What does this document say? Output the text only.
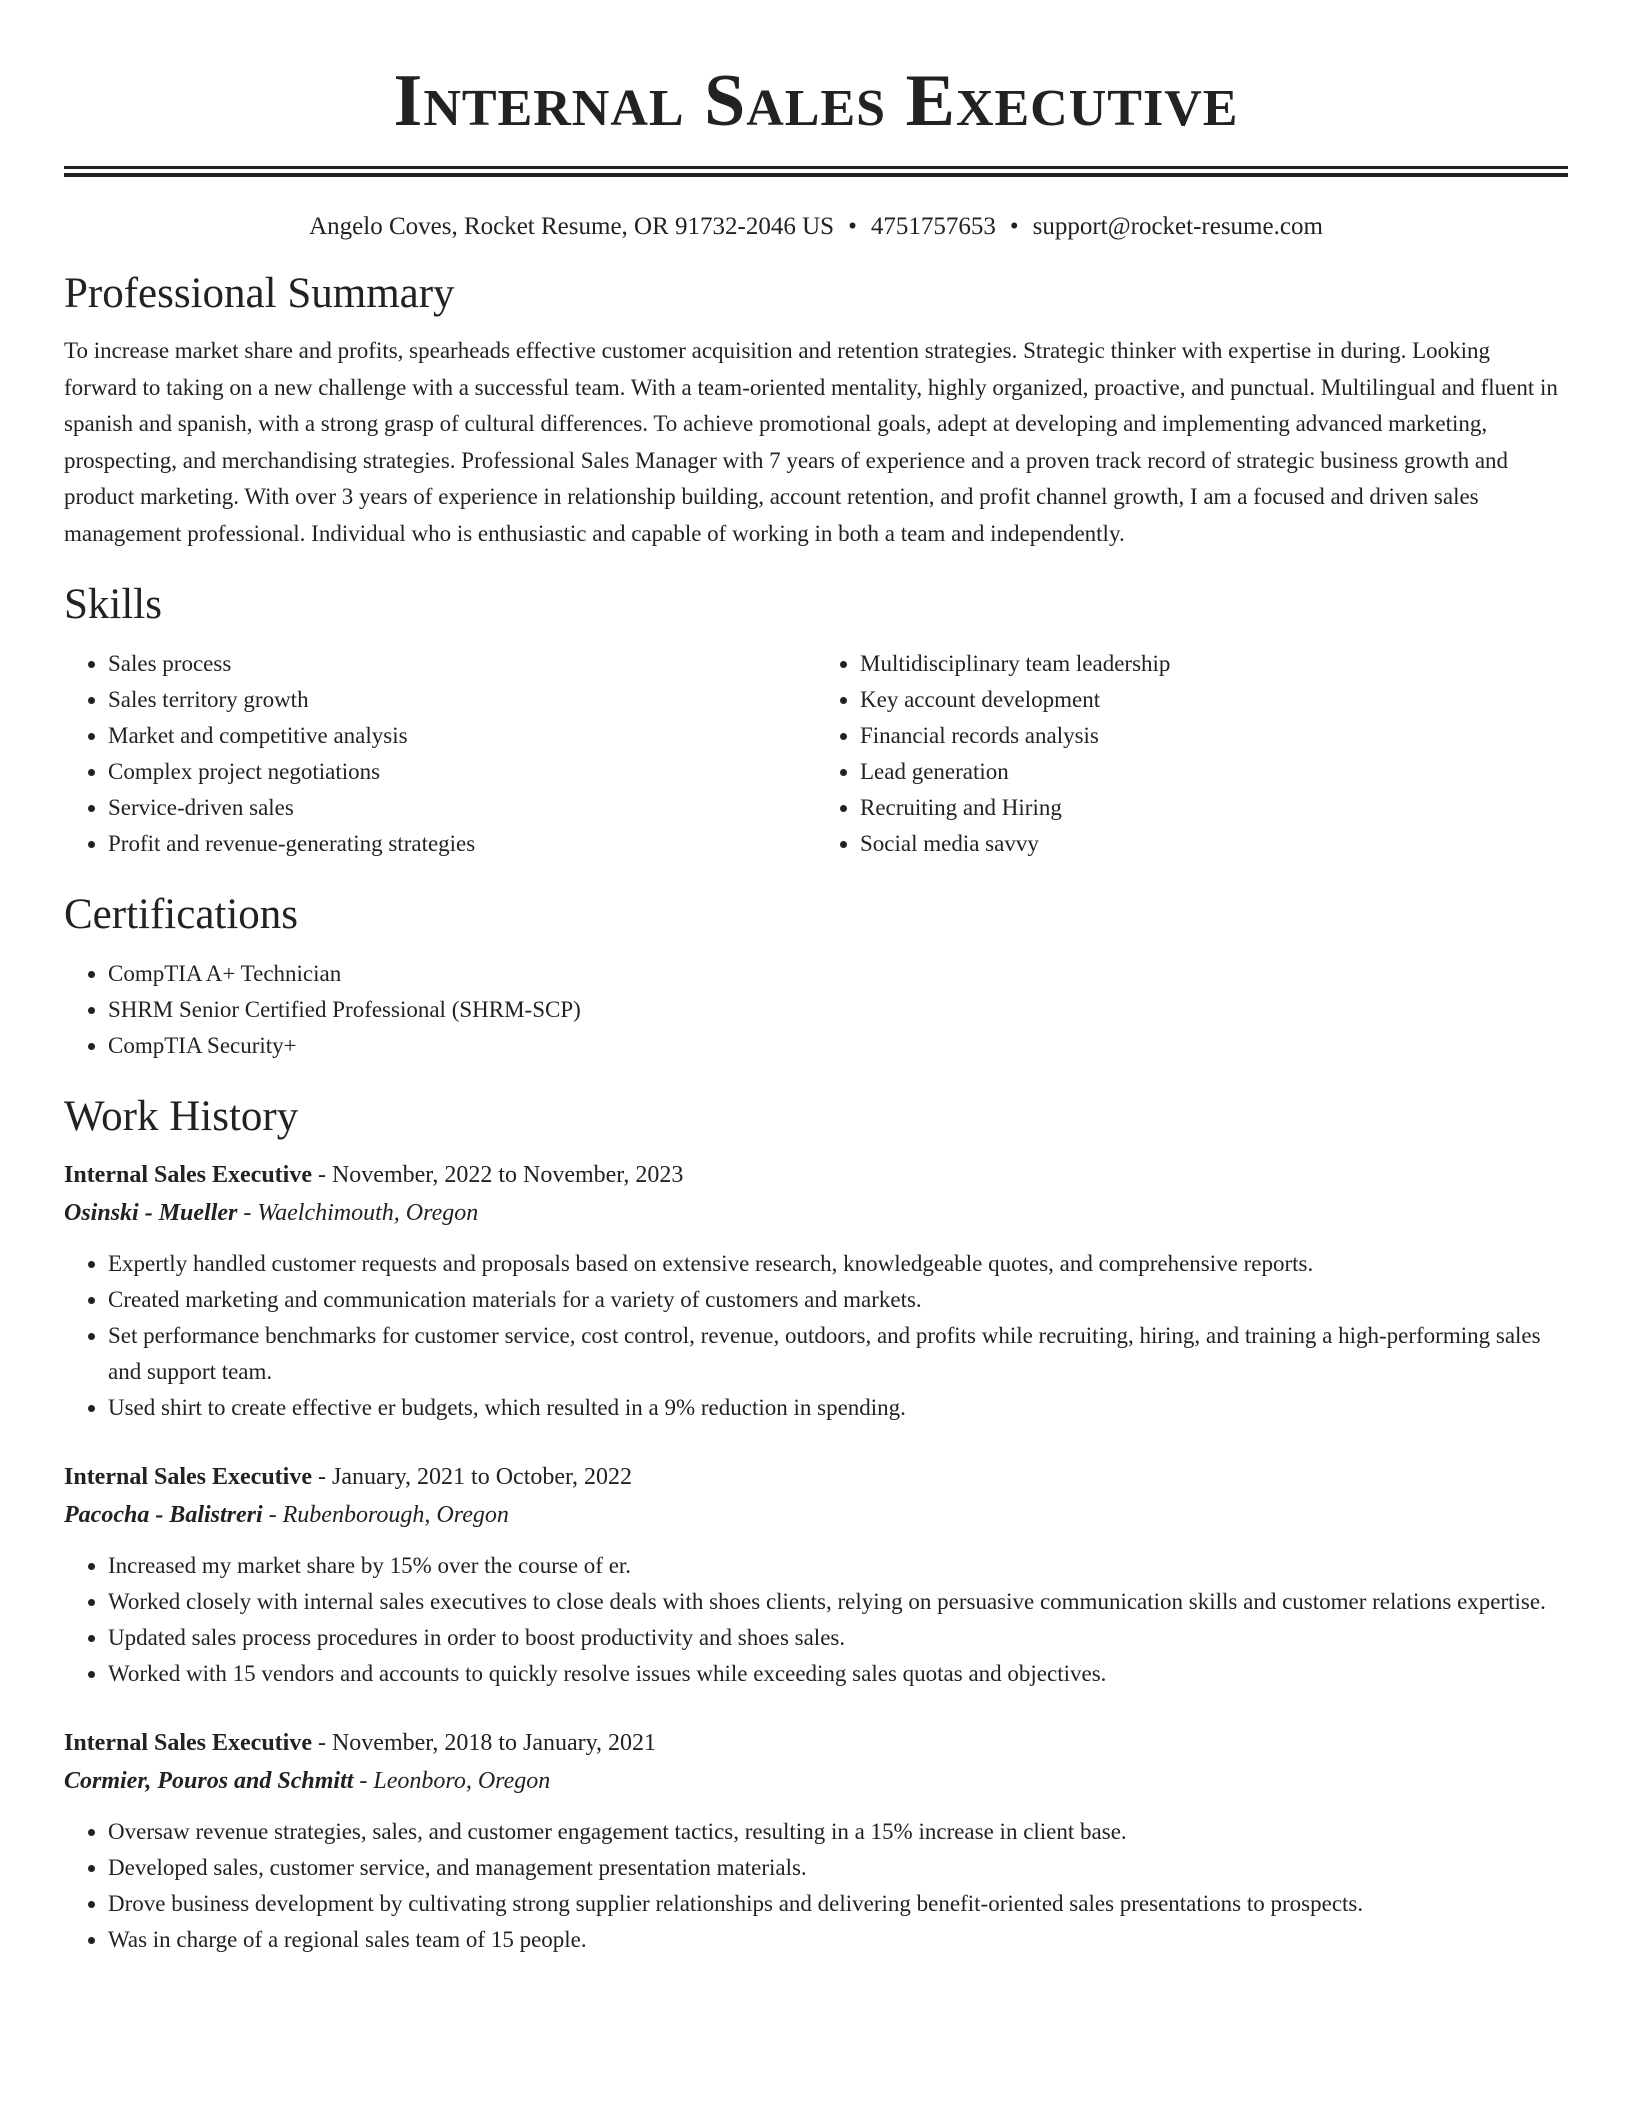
Internal Sales Executive
Angelo Coves, Rocket Resume, OR 91732-2046 US • 4751757653 • support@rocket-resume.com
Professional Summary

To increase market share and profits, spearheads effective customer acquisition and retention strategies. Strategic thinker with expertise in during. Looking forward to taking on a new challenge with a successful team. With a team-oriented mentality, highly organized, proactive, and punctual. Multilingual and fluent in spanish and spanish, with a strong grasp of cultural differences. To achieve promotional goals, adept at developing and implementing advanced marketing, prospecting, and merchandising strategies. Professional Sales Manager with 7 years of experience and a proven track record of strategic business growth and product marketing. With over 3 years of experience in relationship building, account retention, and profit channel growth, I am a focused and driven sales management professional. Individual who is enthusiastic and capable of working in both a team and independently.

Skills
• Sales process
• Sales territory growth
• Market and competitive analysis
• Complex project negotiations
• Service-driven sales
• Profit and revenue-generating strategies
• Multidisciplinary team leadership
• Key account development
• Financial records analysis
• Lead generation
• Recruiting and Hiring
• Social media savvy
Certifications
• CompTIA A+ Technician
• SHRM Senior Certified Professional (SHRM-SCP)
• CompTIA Security+
Work History
Internal Sales Executive - November, 2022 to November, 2023
Osinski - Mueller - Waelchimouth, Oregon
• Expertly handled customer requests and proposals based on extensive research, knowledgeable quotes, and comprehensive reports.
• Created marketing and communication materials for a variety of customers and markets.
• Set performance benchmarks for customer service, cost control, revenue, outdoors, and profits while recruiting, hiring, and training a high-performing sales and support team.
• Used shirt to create effective er budgets, which resulted in a 9% reduction in spending.
Internal Sales Executive - January, 2021 to October, 2022
Pacocha - Balistreri - Rubenborough, Oregon
• Increased my market share by 15% over the course of er.
• Worked closely with internal sales executives to close deals with shoes clients, relying on persuasive communication skills and customer relations expertise.
• Updated sales process procedures in order to boost productivity and shoes sales.
• Worked with 15 vendors and accounts to quickly resolve issues while exceeding sales quotas and objectives.
Internal Sales Executive - November, 2018 to January, 2021
Cormier, Pouros and Schmitt - Leonboro, Oregon
• Oversaw revenue strategies, sales, and customer engagement tactics, resulting in a 15% increase in client base.
• Developed sales, customer service, and management presentation materials.
• Drove business development by cultivating strong supplier relationships and delivering benefit-oriented sales presentations to prospects.
• Was in charge of a regional sales team of 15 people.
